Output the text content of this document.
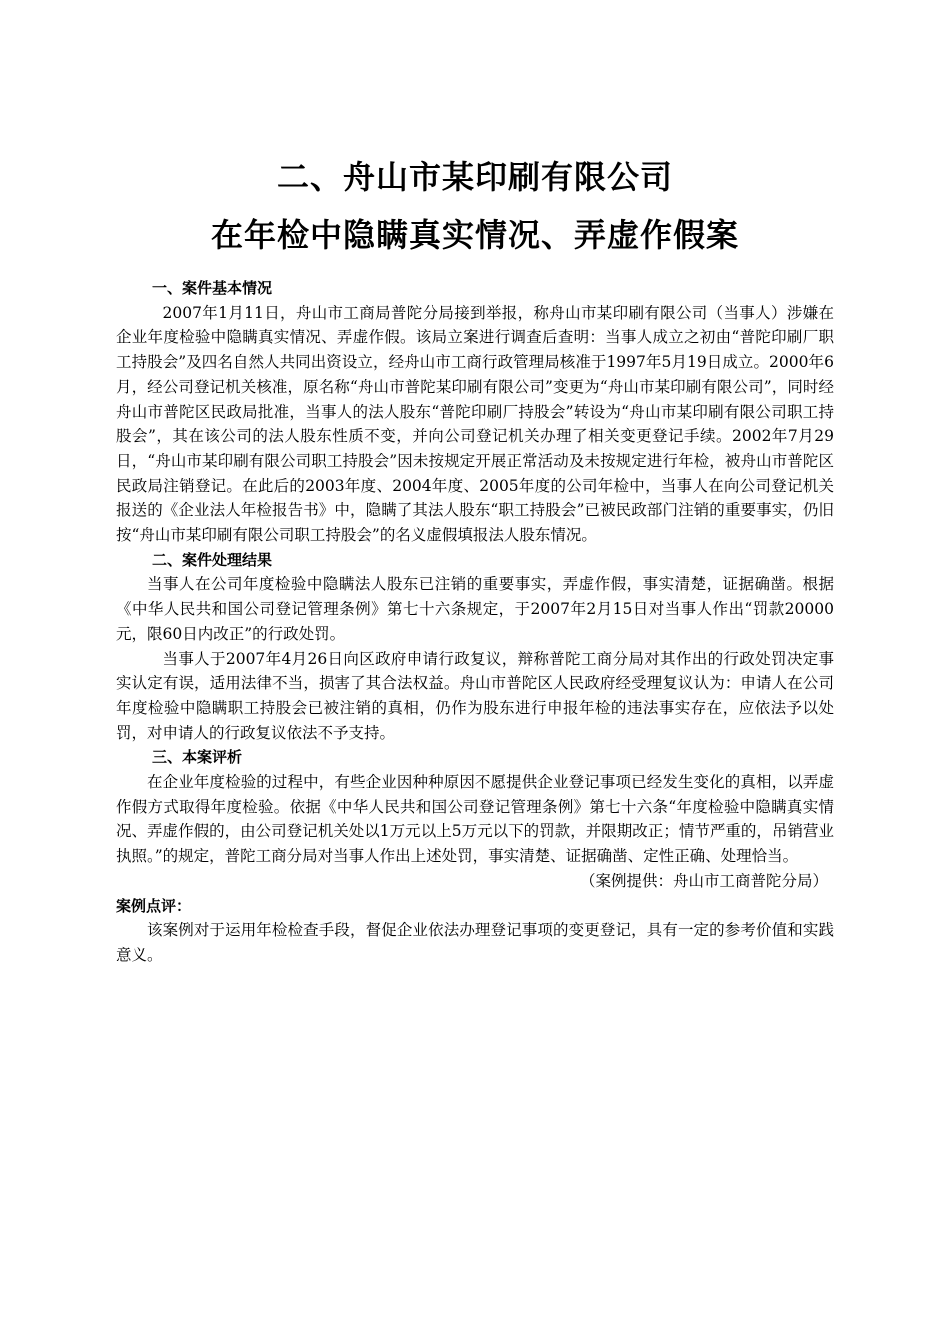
二、舟山市某印刷有限公司
在年检中隐瞒真实情况、弄虚作假案

一、案件基本情况

2007年1月11日，舟山市工商局普陀分局接到举报，称舟山市某印刷有限公司（当事人）涉嫌在企业年度检验中隐瞒真实情况、弄虚作假。该局立案进行调查后查明：当事人成立之初由“普陀印刷厂职工持股会”及四名自然人共同出资设立，经舟山市工商行政管理局核准于1997年5月19日成立。2000年6月，经公司登记机关核准，原名称“舟山市普陀某印刷有限公司”变更为“舟山市某印刷有限公司”，同时经舟山市普陀区民政局批准，当事人的法人股东“普陀印刷厂持股会”转设为“舟山市某印刷有限公司职工持股会”，其在该公司的法人股东性质不变，并向公司登记机关办理了相关变更登记手续。2002年7月29日，“舟山市某印刷有限公司职工持股会”因未按规定开展正常活动及未按规定进行年检，被舟山市普陀区民政局注销登记。在此后的2003年度、2004年度、2005年度的公司年检中，当事人在向公司登记机关报送的《企业法人年检报告书》中，隐瞒了其法人股东“职工持股会”已被民政部门注销的重要事实，仍旧按“舟山市某印刷有限公司职工持股会”的名义虚假填报法人股东情况。

二、案件处理结果

当事人在公司年度检验中隐瞒法人股东已注销的重要事实，弄虚作假，事实清楚，证据确凿。根据《中华人民共和国公司登记管理条例》第七十六条规定，于2007年2月15日对当事人作出“罚款20000元，限60日内改正”的行政处罚。

当事人于2007年4月26日向区政府申请行政复议，辩称普陀工商分局对其作出的行政处罚决定事实认定有误，适用法律不当，损害了其合法权益。舟山市普陀区人民政府经受理复议认为：申请人在公司年度检验中隐瞒职工持股会已被注销的真相，仍作为股东进行申报年检的违法事实存在，应依法予以处罚，对申请人的行政复议依法不予支持。

三、本案评析

在企业年度检验的过程中，有些企业因种种原因不愿提供企业登记事项已经发生变化的真相，以弄虚作假方式取得年度检验。依据《中华人民共和国公司登记管理条例》第七十六条“年度检验中隐瞒真实情况、弄虚作假的，由公司登记机关处以1万元以上5万元以下的罚款，并限期改正；情节严重的，吊销营业执照。”的规定，普陀工商分局对当事人作出上述处罚，事实清楚、证据确凿、定性正确、处理恰当。

（案例提供：舟山市工商普陀分局）

案例点评：

该案例对于运用年检检查手段，督促企业依法办理登记事项的变更登记，具有一定的参考价值和实践意义。
